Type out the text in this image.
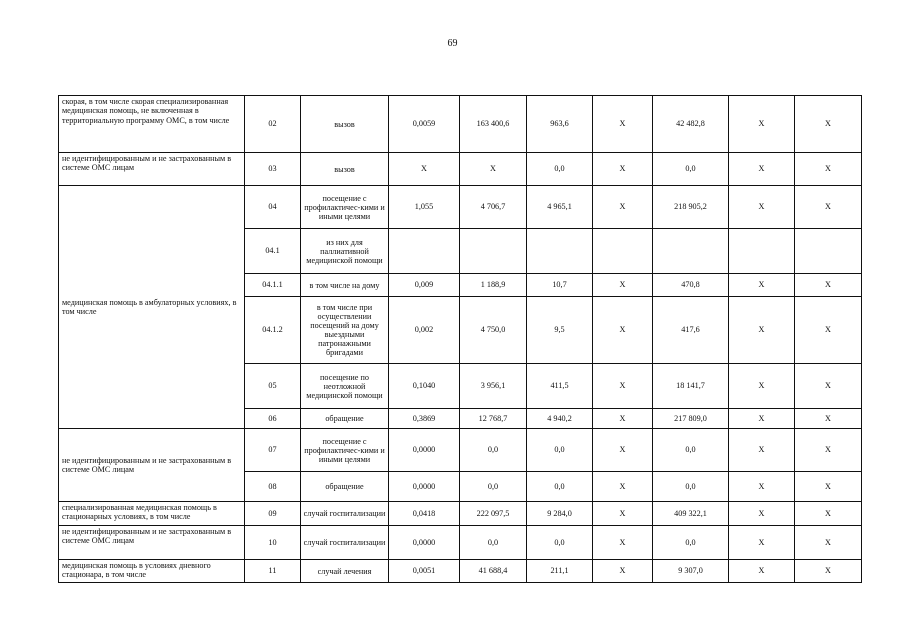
69
скорая, в том числе скорая специализированная медицинская помощь, не включенная в территориальную программу ОМС, в том числе	02	вызов	0,0059	163 400,6	963,6	Х	42 482,8	Х	Х
не идентифицированным и не застрахованным в системе ОМС лицам	03	вызов	Х	Х	0,0	Х	0,0	Х	Х
медицинская помощь в амбулаторных условиях, в том числе	04	посещение с профилактичес-кими и иными целями	1,055	4 706,7	4 965,1	Х	218 905,2	Х	Х
	04.1	из них для паллиативной медицинской помощи							
	04.1.1	в том числе на дому	0,009	1 188,9	10,7	Х	470,8	Х	Х
	04.1.2	в том числе при осуществлении посещений на дому выездными патронажными бригадами	0,002	4 750,0	9,5	Х	417,6	Х	Х
	05	посещение по неотложной медицинской помощи	0,1040	3 956,1	411,5	Х	18 141,7	Х	Х
	06	обращение	0,3869	12 768,7	4 940,2	Х	217 809,0	Х	Х
не идентифицированным и не застрахованным в системе ОМС лицам	07	посещение с профилактичес-кими и иными целями	0,0000	0,0	0,0	Х	0,0	Х	Х
	08	обращение	0,0000	0,0	0,0	Х	0,0	Х	Х
специализированная медицинская помощь в стационарных условиях, в том числе	09	случай госпитализации	0,0418	222 097,5	9 284,0	Х	409 322,1	Х	Х
не идентифицированным и не застрахованным в системе ОМС лицам	10	случай госпитализации	0,0000	0,0	0,0	Х	0,0	Х	Х
медицинская помощь в условиях дневного стационара, в том числе	11	случай лечения	0,0051	41 688,4	211,1	Х	9 307,0	Х	Х
